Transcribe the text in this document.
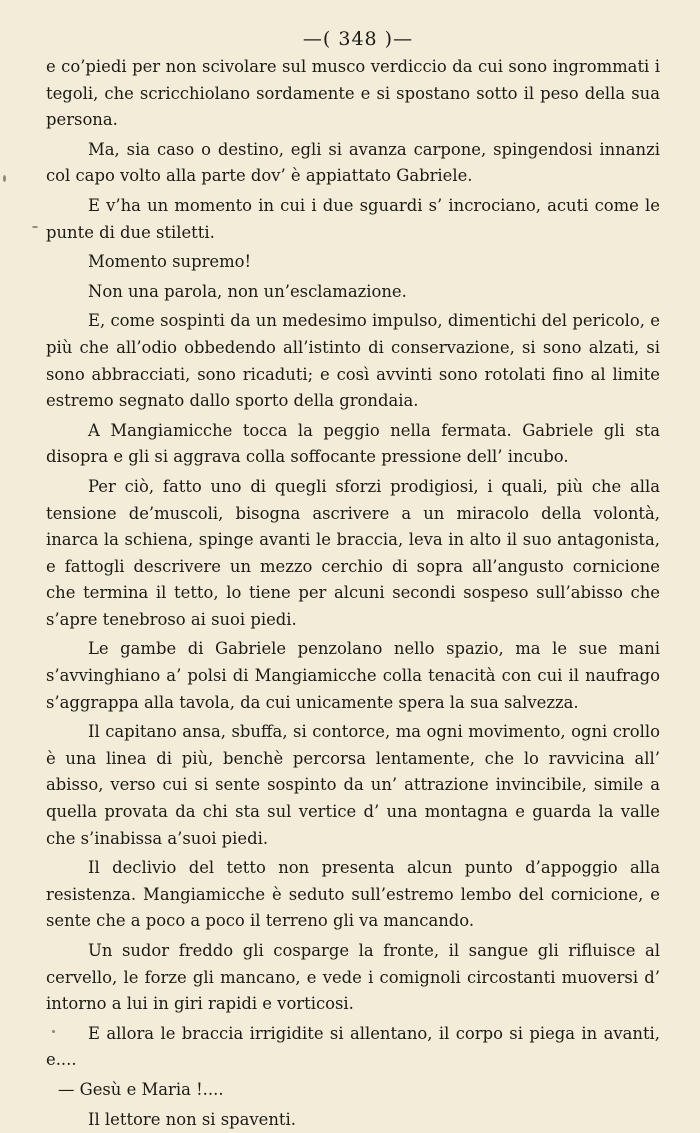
—( 348 )—

e co’piedi per non scivolare sul musco verdiccio da cui sono ingrommati i tegoli, che scricchiolano sordamente e si spostano sotto il peso della sua persona.

Ma, sia caso o destino, egli si avanza carpone, spingendosi innanzi col capo volto alla parte dov’ è appiattato Gabriele.

E v’ha un momento in cui i due sguardi s’ incrociano, acuti come le punte di due stiletti.

Momento supremo!

Non una parola, non un’esclamazione.

E, come sospinti da un medesimo impulso, dimentichi del pericolo, e più che all’odio obbedendo all’istinto di conservazione, si sono alzati, si sono abbracciati, sono ricaduti; e così avvinti sono rotolati fino al limite estremo segnato dallo sporto della grondaia.

A Mangiamicche tocca la peggio nella fermata. Gabriele gli sta disopra e gli si aggrava colla soffocante pressione dell’ incubo.

Per ciò, fatto uno di quegli sforzi prodigiosi, i quali, più che alla tensione de’muscoli, bisogna ascrivere a un miracolo della volontà, inarca la schiena, spinge avanti le braccia, leva in alto il suo antagonista, e fattogli descrivere un mezzo cerchio di sopra all’angusto cornicione che termina il tetto, lo tiene per alcuni secondi sospeso sull’abisso che s’apre tenebroso ai suoi piedi.

Le gambe di Gabriele penzolano nello spazio, ma le sue mani s’avvinghiano a’ polsi di Mangiamicche colla tenacità con cui il naufrago s’aggrappa alla tavola, da cui unicamente spera la sua salvezza.

Il capitano ansa, sbuffa, si contorce, ma ogni movimento, ogni crollo è una linea di più, benchè percorsa lentamente, che lo ravvicina all’ abisso, verso cui si sente sospinto da un’ attrazione invincibile, simile a quella provata da chi sta sul vertice d’ una montagna e guarda la valle che s’inabissa a’suoi piedi.

Il declivio del tetto non presenta alcun punto d’appoggio alla resistenza. Mangiamicche è seduto sull’estremo lembo del cornicione, e sente che a poco a poco il terreno gli va mancando.

Un sudor freddo gli cosparge la fronte, il sangue gli rifluisce al cervello, le forze gli mancano, e vede i comignoli circostanti muoversi d’ intorno a lui in giri rapidi e vorticosi.

E allora le braccia irrigidite si allentano, il corpo si piega in avanti, e....

— Gesù e Maria !....

Il lettore non si spaventi.
